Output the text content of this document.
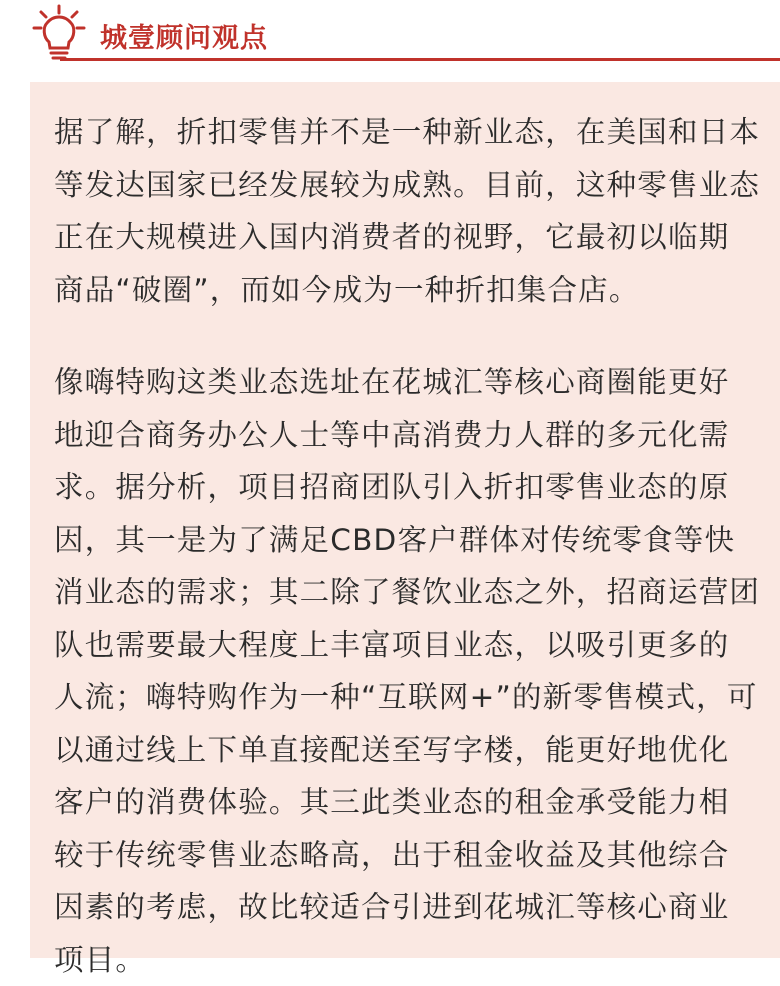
城壹顾问观点

据了解，折扣零售并不是一种新业态，在美国和日本
等发达国家已经发展较为成熟。目前，这种零售业态
正在大规模进入国内消费者的视野，它最初以临期
商品“破圈”，而如今成为一种折扣集合店。

像嗨特购这类业态选址在花城汇等核心商圈能更好
地迎合商务办公人士等中高消费力人群的多元化需
求。据分析，项目招商团队引入折扣零售业态的原
因，其一是为了满足CBD客户群体对传统零食等快
消业态的需求；其二除了餐饮业态之外，招商运营团
队也需要最大程度上丰富项目业态，以吸引更多的
人流；嗨特购作为一种“互联网+”的新零售模式，可
以通过线上下单直接配送至写字楼，能更好地优化
客户的消费体验。其三此类业态的租金承受能力相
较于传统零售业态略高，出于租金收益及其他综合
因素的考虑，故比较适合引进到花城汇等核心商业
项目。
